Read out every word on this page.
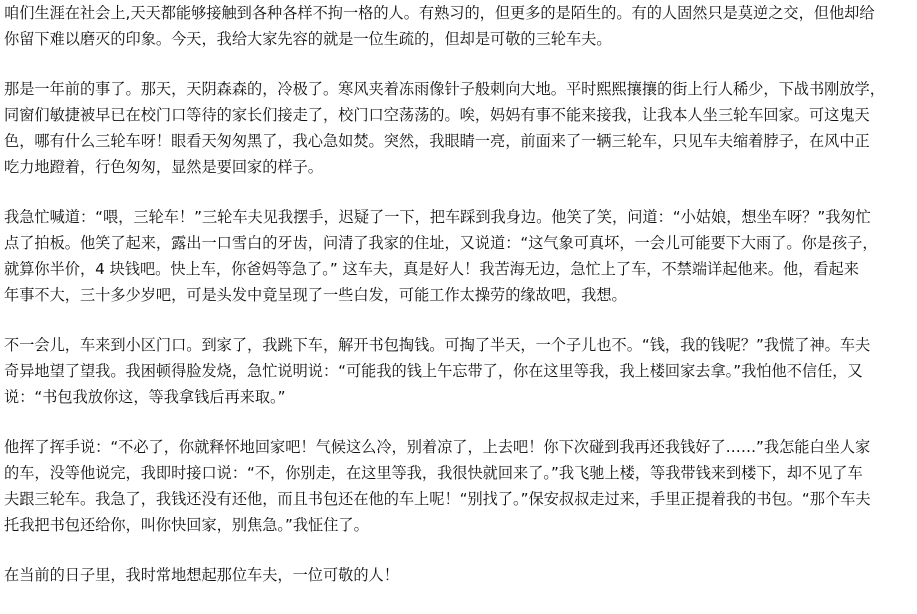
咱们生涯在社会上,天天都能够接触到各种各样不拘一格的人。有熟习的，但更多的是陌生的。有的人固然只是莫逆之交，但他却给
你留下难以磨灭的印象。今天，我给大家先容的就是一位生疏的，但却是可敬的三轮车夫。
那是一年前的事了。那天，天阴森森的，冷极了。寒风夹着冻雨像针子般刺向大地。平时熙熙攘攘的街上行人稀少，下战书刚放学，
同窗们敏捷被早已在校门口等待的家长们接走了，校门口空荡荡的。唉，妈妈有事不能来接我，让我本人坐三轮车回家。可这鬼天
色，哪有什么三轮车呀！眼看天匆匆黑了，我心急如焚。突然，我眼睛一亮，前面来了一辆三轮车，只见车夫缩着脖子，在风中正
吃力地蹬着，行色匆匆，显然是要回家的样子。
我急忙喊道：“喂，三轮车！”三轮车夫见我摆手，迟疑了一下，把车踩到我身边。他笑了笑，问道：“小姑娘，想坐车呀？”我匆忙
点了拍板。他笑了起来，露出一口雪白的牙齿，问清了我家的住址，又说道：“这气象可真坏，一会儿可能要下大雨了。你是孩子，
就算你半价，4 块钱吧。快上车，你爸妈等急了。” 这车夫，真是好人！我苦海无边，急忙上了车，不禁端详起他来。他，看起来
年事不大，三十多少岁吧，可是头发中竟呈现了一些白发，可能工作太操劳的缘故吧，我想。
不一会儿，车来到小区门口。到家了，我跳下车，解开书包掏钱。可掏了半天，一个子儿也不。“钱，我的钱呢？”我慌了神。车夫
奇异地望了望我。我困顿得脸发烧，急忙说明说：“可能我的钱上午忘带了，你在这里等我，我上楼回家去拿。”我怕他不信任，又
说：“书包我放你这，等我拿钱后再来取。”
他挥了挥手说：“不必了，你就释怀地回家吧！气候这么冷，别着凉了，上去吧！你下次碰到我再还我钱好了……”我怎能白坐人家
的车，没等他说完，我即时接口说：“不，你别走，在这里等我，我很快就回来了。”我飞驰上楼，等我带钱来到楼下，却不见了车
夫跟三轮车。我急了，我钱还没有还他，而且书包还在他的车上呢！“别找了。”保安叔叔走过来，手里正提着我的书包。“那个车夫
托我把书包还给你，叫你快回家，别焦急。”我怔住了。
在当前的日子里，我时常地想起那位车夫，一位可敬的人！
